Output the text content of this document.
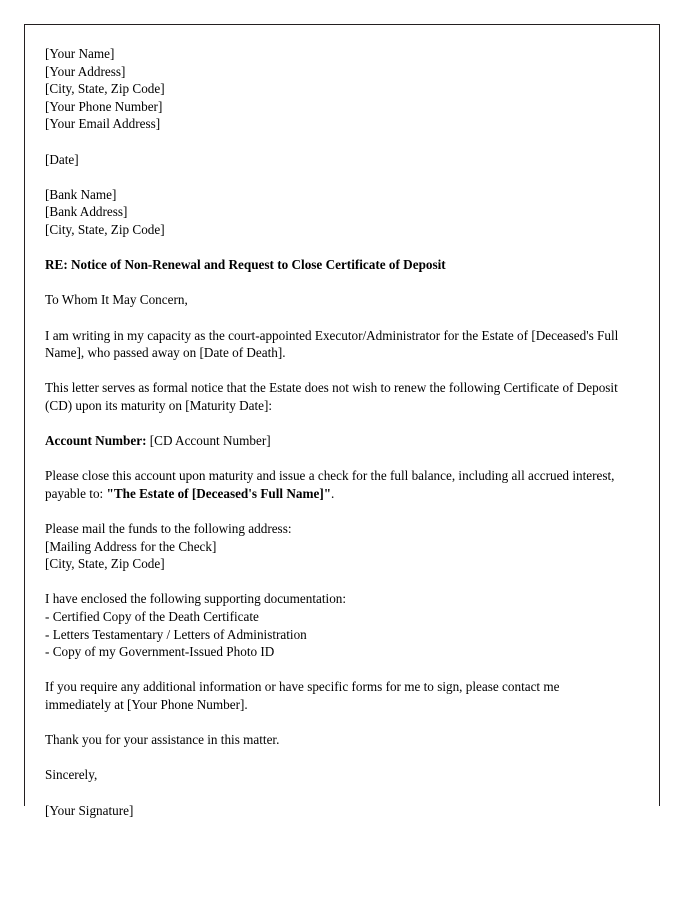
[Your Name]
[Your Address]
[City, State, Zip Code]
[Your Phone Number]
[Your Email Address]
[Date]
[Bank Name]
[Bank Address]
[City, State, Zip Code]

RE: Notice of Non-Renewal and Request to Close Certificate of Deposit

To Whom It May Concern,

I am writing in my capacity as the court-appointed Executor/Administrator for the Estate of [Deceased's Full Name], who passed away on [Date of Death].

This letter serves as formal notice that the Estate does not wish to renew the following Certificate of Deposit (CD) upon its maturity on [Maturity Date]:

Account Number: [CD Account Number]

Please close this account upon maturity and issue a check for the full balance, including all accrued interest, payable to: "The Estate of [Deceased's Full Name]".

Please mail the funds to the following address:
[Mailing Address for the Check]
[City, State, Zip Code]
I have enclosed the following supporting documentation:
- Certified Copy of the Death Certificate
- Letters Testamentary / Letters of Administration
- Copy of my Government-Issued Photo ID

If you require any additional information or have specific forms for me to sign, please contact me immediately at [Your Phone Number].

Thank you for your assistance in this matter.

Sincerely,

[Your Signature]
